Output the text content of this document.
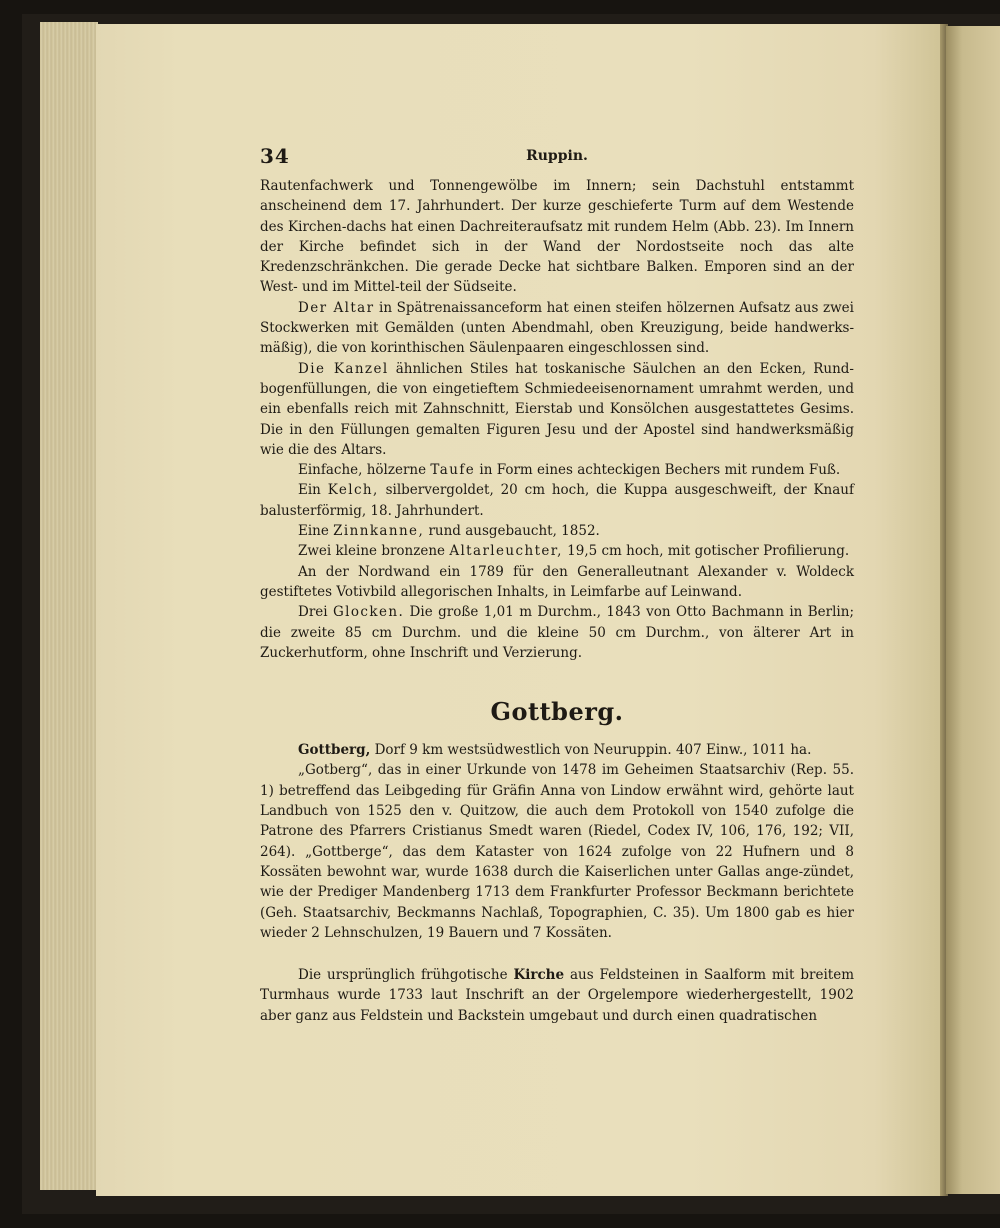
34	Ruppin.

Rautenfachwerk und Tonnengewölbe im Innern; sein Dachstuhl entstammt anscheinend dem 17. Jahrhundert. Der kurze geschieferte Turm auf dem Westende des Kirchen-dachs hat einen Dachreiteraufsatz mit rundem Helm (Abb. 23). Im Innern der Kirche befindet sich in der Wand der Nordostseite noch das alte Kredenzschränkchen. Die gerade Decke hat sichtbare Balken. Emporen sind an der West- und im Mittel-teil der Südseite.

Der Altar in Spätrenaissanceform hat einen steifen hölzernen Aufsatz aus zwei Stockwerken mit Gemälden (unten Abendmahl, oben Kreuzigung, beide handwerks-mäßig), die von korinthischen Säulenpaaren eingeschlossen sind.

Die Kanzel ähnlichen Stiles hat toskanische Säulchen an den Ecken, Rund-bogenfüllungen, die von eingetieftem Schmiedeeisenornament umrahmt werden, und ein ebenfalls reich mit Zahnschnitt, Eierstab und Konsölchen ausgestattetes Gesims. Die in den Füllungen gemalten Figuren Jesu und der Apostel sind handwerksmäßig wie die des Altars.

Einfache, hölzerne Taufe in Form eines achteckigen Bechers mit rundem Fuß.

Ein Kelch, silbervergoldet, 20 cm hoch, die Kuppa ausgeschweift, der Knauf balusterförmig, 18. Jahrhundert.

Eine Zinnkanne, rund ausgebaucht, 1852.

Zwei kleine bronzene Altarleuchter, 19,5 cm hoch, mit gotischer Profilierung.

An der Nordwand ein 1789 für den Generalleutnant Alexander v. Woldeck gestiftetes Votivbild allegorischen Inhalts, in Leimfarbe auf Leinwand.

Drei Glocken. Die große 1,01 m Durchm., 1843 von Otto Bachmann in Berlin; die zweite 85 cm Durchm. und die kleine 50 cm Durchm., von älterer Art in Zuckerhutform, ohne Inschrift und Verzierung.

Gottberg.

Gottberg, Dorf 9 km westsüdwestlich von Neuruppin. 407 Einw., 1011 ha.

„Gotberg“, das in einer Urkunde von 1478 im Geheimen Staatsarchiv (Rep. 55. 1) betreffend das Leibgeding für Gräfin Anna von Lindow erwähnt wird, gehörte laut Landbuch von 1525 den v. Quitzow, die auch dem Protokoll von 1540 zufolge die Patrone des Pfarrers Cristianus Smedt waren (Riedel, Codex IV, 106, 176, 192; VII, 264). „Gottberge“, das dem Kataster von 1624 zufolge von 22 Hufnern und 8 Kossäten bewohnt war, wurde 1638 durch die Kaiserlichen unter Gallas ange-zündet, wie der Prediger Mandenberg 1713 dem Frankfurter Professor Beckmann berichtete (Geh. Staatsarchiv, Beckmanns Nachlaß, Topographien, C. 35). Um 1800 gab es hier wieder 2 Lehnschulzen, 19 Bauern und 7 Kossäten.

Die ursprünglich frühgotische Kirche aus Feldsteinen in Saalform mit breitem Turmhaus wurde 1733 laut Inschrift an der Orgelempore wiederhergestellt, 1902 aber ganz aus Feldstein und Backstein umgebaut und durch einen quadratischen
